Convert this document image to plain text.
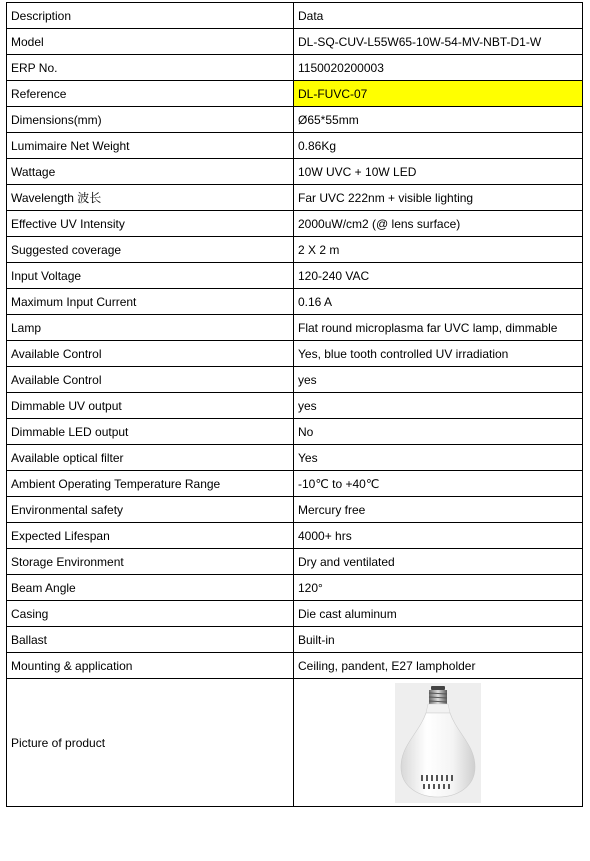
Description	Data
Model	DL-SQ-CUV-L55W65-10W-54-MV-NBT-D1-W
ERP No.	1150020200003
Reference	DL-FUVC-07
Dimensions(mm)	Ø65*55mm
Lumimaire Net Weight	0.86Kg
Wattage	10W UVC + 10W LED
Wavelength 波长	Far UVC 222nm + visible lighting
Effective UV Intensity	2000uW/cm2 (@ lens surface)
Suggested coverage	2 X 2 m
Input Voltage	120-240 VAC
Maximum Input Current	0.16 A
Lamp	Flat round microplasma far UVC lamp, dimmable
Available Control	Yes, blue tooth controlled UV irradiation
Available Control	yes
Dimmable UV output	yes
Dimmable LED output	No
Available optical filter	Yes
Ambient Operating Temperature Range	-10℃ to +40℃
Environmental safety	Mercury free
Expected Lifespan	4000+ hrs
Storage Environment	Dry and ventilated
Beam Angle	120°
Casing	Die cast aluminum
Ballast	Built-in
Mounting & application	Ceiling, pandent, E27 lampholder
Picture of product	
